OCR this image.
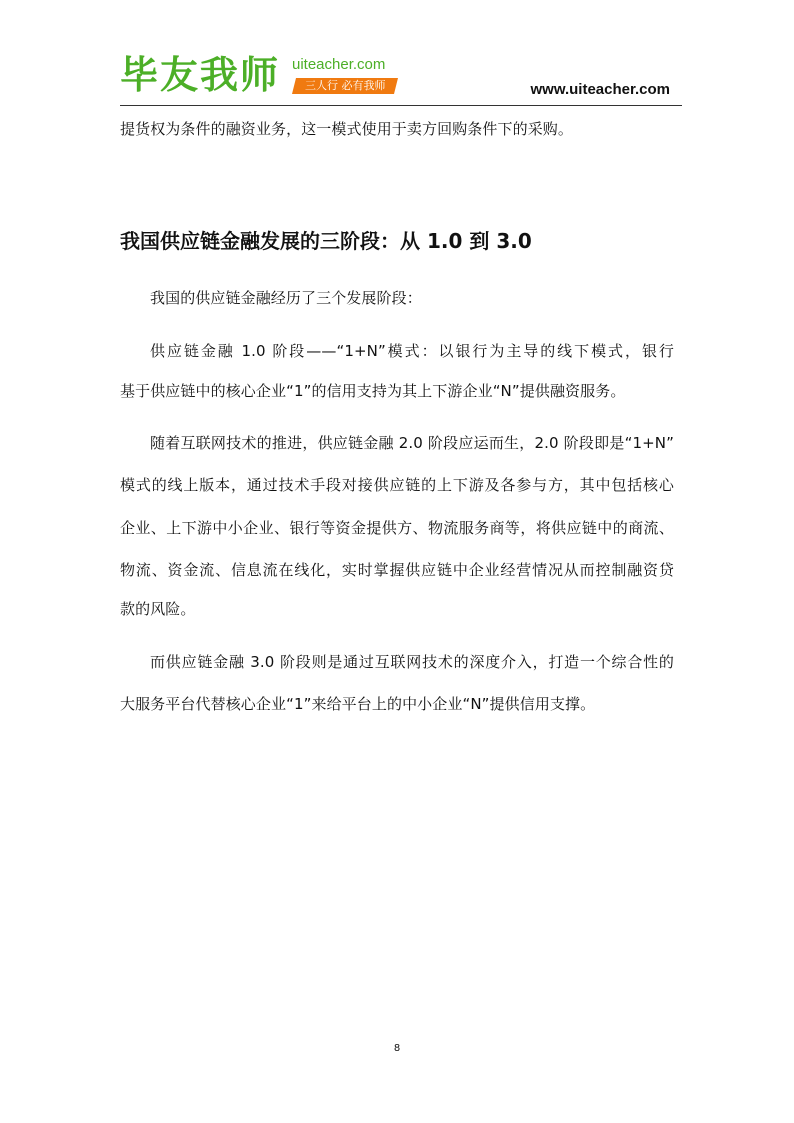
毕友我师 uiteacher.com
三人行 必有我师	www.uiteacher.com
提货权为条件的融资业务，这一模式使用于卖方回购条件下的采购。
我国供应链金融发展的三阶段：从 1.0 到 3.0
我国的供应链金融经历了三个发展阶段：
供应链金融 1.0 阶段——“1+N”模式：以银行为主导的线下模式，银行
基于供应链中的核心企业“1”的信用支持为其上下游企业“N”提供融资服务。
随着互联网技术的推进，供应链金融 2.0 阶段应运而生，2.0 阶段即是“1+N”
模式的线上版本，通过技术手段对接供应链的上下游及各参与方，其中包括核心
企业、上下游中小企业、银行等资金提供方、物流服务商等，将供应链中的商流、
物流、资金流、信息流在线化，实时掌握供应链中企业经营情况从而控制融资贷
款的风险。
而供应链金融 3.0 阶段则是通过互联网技术的深度介入，打造一个综合性的
大服务平台代替核心企业“1”来给平台上的中小企业“N”提供信用支撑。
8
